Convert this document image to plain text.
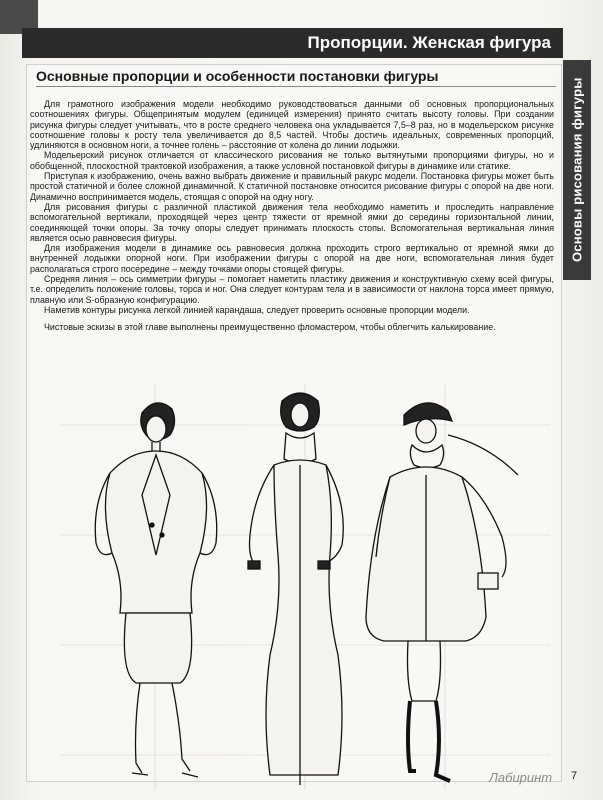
Пропорции. Женская фигура
Основы рисования фигуры
Основные пропорции и особенности постановки фигуры

Для грамотного изображения модели необходимо руководствоваться данными об основных пропорциональных соотношениях фигуры. Общепринятым модулем (единицей измерения) принято считать высоту головы. При создании рисунка фигуры следует учитывать, что в росте среднего человека она укладывается 7,5–8 раз, но в модельерском рисунке соотношение головы к росту тела увеличивается до 8,5 частей. Чтобы достичь идеальных, современных пропорций, удлиняются в основном ноги, а точнее голень – расстояние от колена до линии лодыжки.

Модельерский рисунок отличается от классического рисования не только вытянутыми пропорциями фигуры, но и обобщенной, плоскостной трактовкой изображения, а также условной постановкой фигуры в динамике или статике.

Приступая к изображению, очень важно выбрать движение и правильный ракурс модели. Постановка фигуры может быть простой статичной и более сложной динамичной. К статичной постановке относится рисование фигуры с опорой на две ноги. Динамично воспринимается модель, стоящая с опорой на одну ногу.

Для рисования фигуры с различной пластикой движения тела необходимо наметить и проследить направление вспомогательной вертикали, проходящей через центр тяжести от яремной ямки до середины горизонтальной линии, соединяющей точки опоры. За точку опоры следует принимать плоскость стопы. Вспомогательная вертикальная линия является осью равновесия фигуры.

Для изображения модели в динамике ось равновесия должна проходить строго вертикально от яремной ямки до внутренней лодыжки опорной ноги. При изображении фигуры с опорой на две ноги, вспомогательная линия будет располагаться строго посередине – между точками опоры стоящей фигуры.

Средняя линия – ось симметрии фигуры – помогает наметить пластику движения и конструктивную схему всей фигуры, т.е. определить положение головы, торса и ног. Она следует контурам тела и в зависимости от наклона торса имеет прямую, плавную или S-образную конфигурацию.

Наметив контуры рисунка легкой линией карандаша, следует проверить основные пропорции модели.

Чистовые эскизы в этой главе выполнены преимущественно фломастером, чтобы облегчить калькирование.

Лабиринт 7
